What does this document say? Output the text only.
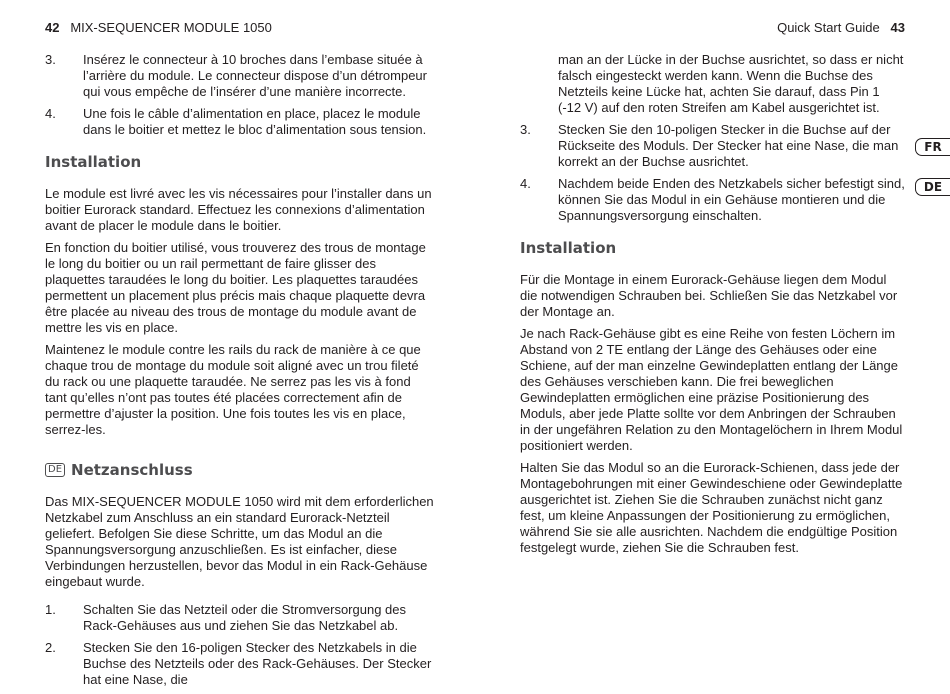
42 MIX-SEQUENCER MODULE 1050	Quick Start Guide 43
FR
DE
3. Insérez le connecteur à 10 broches dans l’embase située à l’arrière du module. Le connecteur dispose d’un détrompeur qui vous empêche de l’insérer d’une manière incorrecte.
4. Une fois le câble d’alimentation en place, placez le module dans le boitier et mettez le bloc d’alimentation sous tension.
Installation

Le module est livré avec les vis nécessaires pour l’installer dans un boitier Eurorack standard. Effectuez les connexions d’alimentation avant de placer le module dans le boitier.

En fonction du boitier utilisé, vous trouverez des trous de montage le long du boitier ou un rail permettant de faire glisser des plaquettes taraudées le long du boitier. Les plaquettes taraudées permettent un placement plus précis mais chaque plaquette devra être placée au niveau des trous de montage du module avant de mettre les vis en place.

Maintenez le module contre les rails du rack de manière à ce que chaque trou de montage du module soit aligné avec un trou fileté du rack ou une plaquette taraudée. Ne serrez pas les vis à fond tant qu’elles n’ont pas toutes été placées correctement afin de permettre d’ajuster la position. Une fois toutes les vis en place, serrez-les.

DE Netzanschluss

Das MIX-SEQUENCER MODULE 1050 wird mit dem erforderlichen Netzkabel zum Anschluss an ein standard Eurorack-Netzteil geliefert. Befolgen Sie diese Schritte, um das Modul an die Spannungsversorgung anzuschließen. Es ist einfacher, diese Verbindungen herzustellen, bevor das Modul in ein Rack-Gehäuse eingebaut wurde.

1. Schalten Sie das Netzteil oder die Stromversorgung des Rack-Gehäuses aus und ziehen Sie das Netzkabel ab.
2. Stecken Sie den 16-poligen Stecker des Netzkabels in die Buchse des Netzteils oder des Rack-Gehäuses. Der Stecker hat eine Nase, die
man an der Lücke in der Buchse ausrichtet, so dass er nicht falsch eingesteckt werden kann. Wenn die Buchse des Netzteils keine Lücke hat, achten Sie darauf, dass Pin 1 (-12 V) auf den roten Streifen am Kabel ausgerichtet ist.
3. Stecken Sie den 10-poligen Stecker in die Buchse auf der Rückseite des Moduls. Der Stecker hat eine Nase, die man korrekt an der Buchse ausrichtet.
4. Nachdem beide Enden des Netzkabels sicher befestigt sind, können Sie das Modul in ein Gehäuse montieren und die Spannungsversorgung einschalten.
Installation

Für die Montage in einem Eurorack-Gehäuse liegen dem Modul die notwendigen Schrauben bei. Schließen Sie das Netzkabel vor der Montage an.

Je nach Rack-Gehäuse gibt es eine Reihe von festen Löchern im Abstand von 2 TE entlang der Länge des Gehäuses oder eine Schiene, auf der man einzelne Gewindeplatten entlang der Länge des Gehäuses verschieben kann. Die frei beweglichen Gewindeplatten ermöglichen eine präzise Positionierung des Moduls, aber jede Platte sollte vor dem Anbringen der Schrauben in der ungefähren Relation zu den Montagelöchern in Ihrem Modul positioniert werden.

Halten Sie das Modul so an die Eurorack-Schienen, dass jede der Montagebohrungen mit einer Gewindeschiene oder Gewindeplatte ausgerichtet ist. Ziehen Sie die Schrauben zunächst nicht ganz fest, um kleine Anpassungen der Positionierung zu ermöglichen, während Sie sie alle ausrichten. Nachdem die endgültige Position festgelegt wurde, ziehen Sie die Schrauben fest.
